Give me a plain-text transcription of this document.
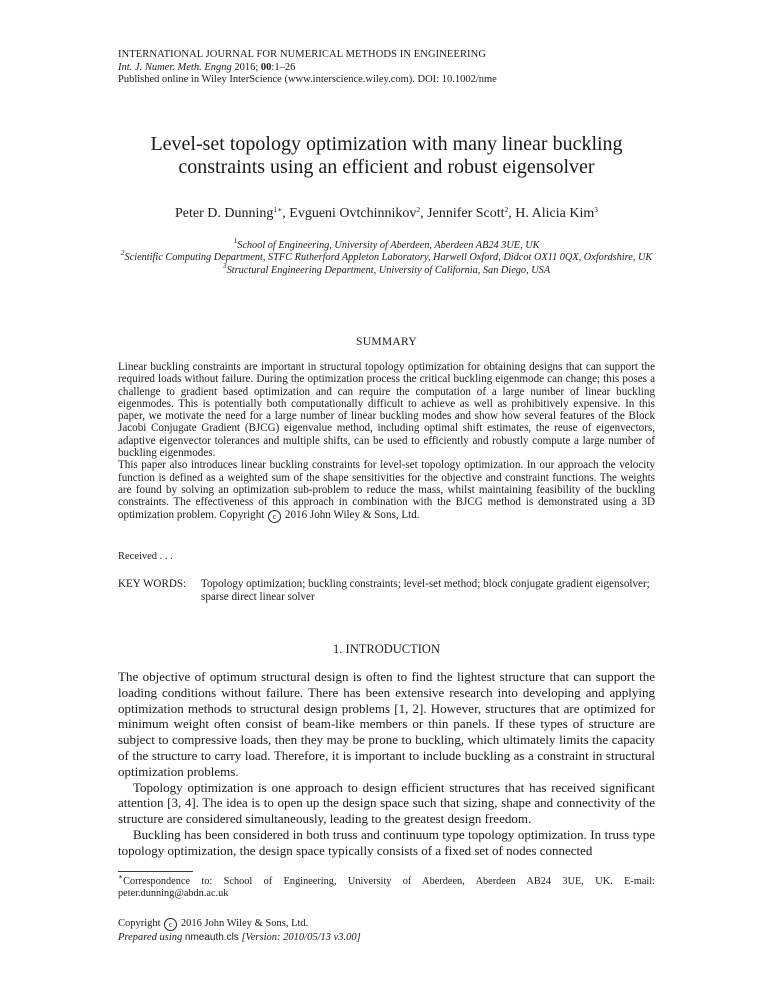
INTERNATIONAL JOURNAL FOR NUMERICAL METHODS IN ENGINEERING
Int. J. Numer. Meth. Engng 2016; 00:1–26
Published online in Wiley InterScience (www.interscience.wiley.com). DOI: 10.1002/nme
Level-set topology optimization with many linear buckling
constraints using an efficient and robust eigensolver
Peter D. Dunning$^{1∗}$, Evgueni Ovtchinnikov$^2$, Jennifer Scott$^2$, H. Alicia Kim$^3$
$^1$School of Engineering, University of Aberdeen, Aberdeen AB24 3UE, UK
$^2$Scientific Computing Department, STFC Rutherford Appleton Laboratory, Harwell Oxford, Didcot OX11 0QX, Oxfordshire, UK
$^3$Structural Engineering Department, University of California, San Diego, USA
SUMMARY

Linear buckling constraints are important in structural topology optimization for obtaining designs that can support the required loads without failure. During the optimization process the critical buckling eigenmode can change; this poses a challenge to gradient based optimization and can require the computation of a large number of linear buckling eigenmodes. This is potentially both computationally difficult to achieve as well as prohibitively expensive. In this paper, we motivate the need for a large number of linear buckling modes and show how several features of the Block Jacobi Conjugate Gradient (BJCG) eigenvalue method, including optimal shift estimates, the reuse of eigenvectors, adaptive eigenvector tolerances and multiple shifts, can be used to efficiently and robustly compute a large number of buckling eigenmodes.

This paper also introduces linear buckling constraints for level-set topology optimization. In our approach the velocity function is defined as a weighted sum of the shape sensitivities for the objective and constraint functions. The weights are found by solving an optimization sub-problem to reduce the mass, whilst maintaining feasibility of the buckling constraints. The effectiveness of this approach in combination with the BJCG method is demonstrated using a 3D optimization problem. Copyright c 2016 John Wiley & Sons, Ltd.

Received . . .
KEY WORDS:	Topology optimization; buckling constraints; level-set method; block conjugate gradient eigensolver; sparse direct linear solver
1. INTRODUCTION

The objective of optimum structural design is often to find the lightest structure that can support the loading conditions without failure. There has been extensive research into developing and applying optimization methods to structural design problems [1, 2]. However, structures that are optimized for minimum weight often consist of beam-like members or thin panels. If these types of structure are subject to compressive loads, then they may be prone to buckling, which ultimately limits the capacity of the structure to carry load. Therefore, it is important to include buckling as a constraint in structural optimization problems.

Topology optimization is one approach to design efficient structures that has received significant attention [3, 4]. The idea is to open up the design space such that sizing, shape and connectivity of the structure are considered simultaneously, leading to the greatest design freedom.

Buckling has been considered in both truss and continuum type topology optimization. In truss type topology optimization, the design space typically consists of a fixed set of nodes connected

∗Correspondence to: School of Engineering, University of Aberdeen, Aberdeen AB24 3UE, UK. E-mail: peter.dunning@abdn.ac.uk

Copyright c 2016 John Wiley & Sons, Ltd.
Prepared using nmeauth.cls [Version: 2010/05/13 v3.00]
